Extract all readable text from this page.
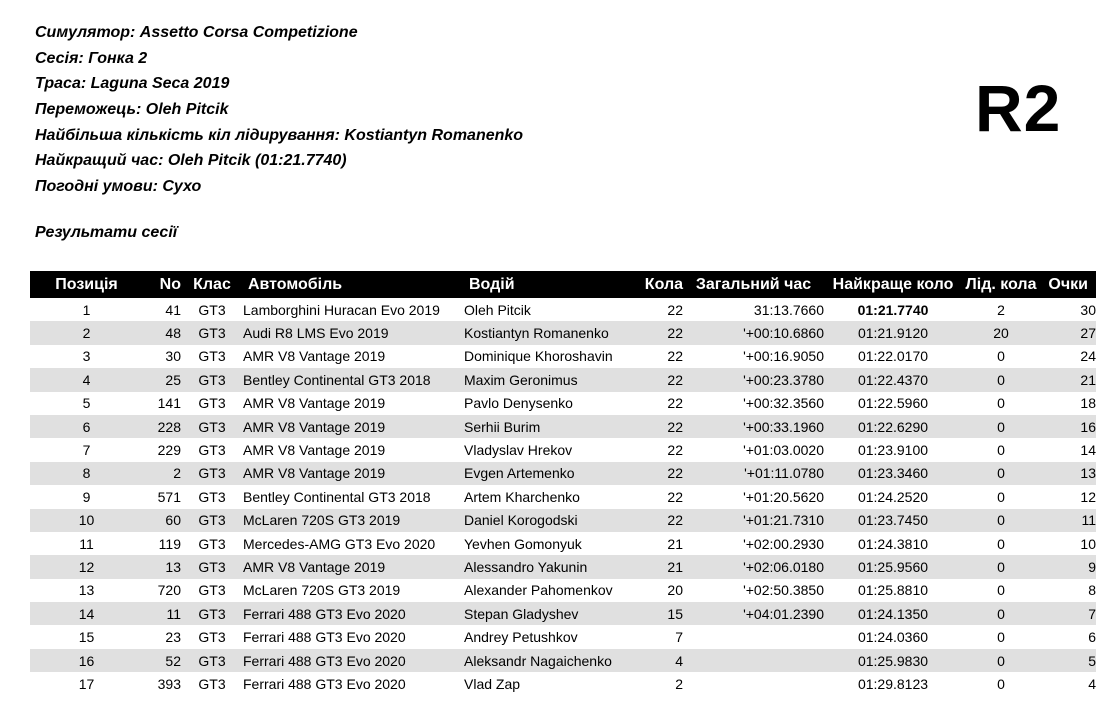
Симулятор: Assetto Corsa Competizione
Сесія: Гонка 2
Траса: Laguna Seca 2019
Переможець: Oleh Pitcik
Найбільша кількість кіл лідирування: Kostiantyn Romanenko
Найкращий час: Oleh Pitcik (01:21.7740)
Погодні умови: Сухо
R2
Результати сесії
Позиція	No	Клас	Автомобіль	Водій	Кола	Загальний час	Найкраще коло	Лід. кола	Очки
1	41	GT3	Lamborghini Huracan Evo 2019	Oleh Pitcik	22	31:13.7660	01:21.7740	2	30
2	48	GT3	Audi R8 LMS Evo 2019	Kostiantyn Romanenko	22	'+00:10.6860	01:21.9120	20	27
3	30	GT3	AMR V8 Vantage 2019	Dominique Khoroshavin	22	'+00:16.9050	01:22.0170	0	24
4	25	GT3	Bentley Continental GT3 2018	Maxim Geronimus	22	'+00:23.3780	01:22.4370	0	21
5	141	GT3	AMR V8 Vantage 2019	Pavlo Denysenko	22	'+00:32.3560	01:22.5960	0	18
6	228	GT3	AMR V8 Vantage 2019	Serhii Burim	22	'+00:33.1960	01:22.6290	0	16
7	229	GT3	AMR V8 Vantage 2019	Vladyslav Hrekov	22	'+01:03.0020	01:23.9100	0	14
8	2	GT3	AMR V8 Vantage 2019	Evgen Artemenko	22	'+01:11.0780	01:23.3460	0	13
9	571	GT3	Bentley Continental GT3 2018	Artem Kharchenko	22	'+01:20.5620	01:24.2520	0	12
10	60	GT3	McLaren 720S GT3 2019	Daniel Korogodski	22	'+01:21.7310	01:23.7450	0	11
11	119	GT3	Mercedes-AMG GT3 Evo 2020	Yevhen Gomonyuk	21	'+02:00.2930	01:24.3810	0	10
12	13	GT3	AMR V8 Vantage 2019	Alessandro Yakunin	21	'+02:06.0180	01:25.9560	0	9
13	720	GT3	McLaren 720S GT3 2019	Alexander Pahomenkov	20	'+02:50.3850	01:25.8810	0	8
14	11	GT3	Ferrari 488 GT3 Evo 2020	Stepan Gladyshev	15	'+04:01.2390	01:24.1350	0	7
15	23	GT3	Ferrari 488 GT3 Evo 2020	Andrey Petushkov	7		01:24.0360	0	6
16	52	GT3	Ferrari 488 GT3 Evo 2020	Aleksandr Nagaichenko	4		01:25.9830	0	5
17	393	GT3	Ferrari 488 GT3 Evo 2020	Vlad Zap	2		01:29.8123	0	4
